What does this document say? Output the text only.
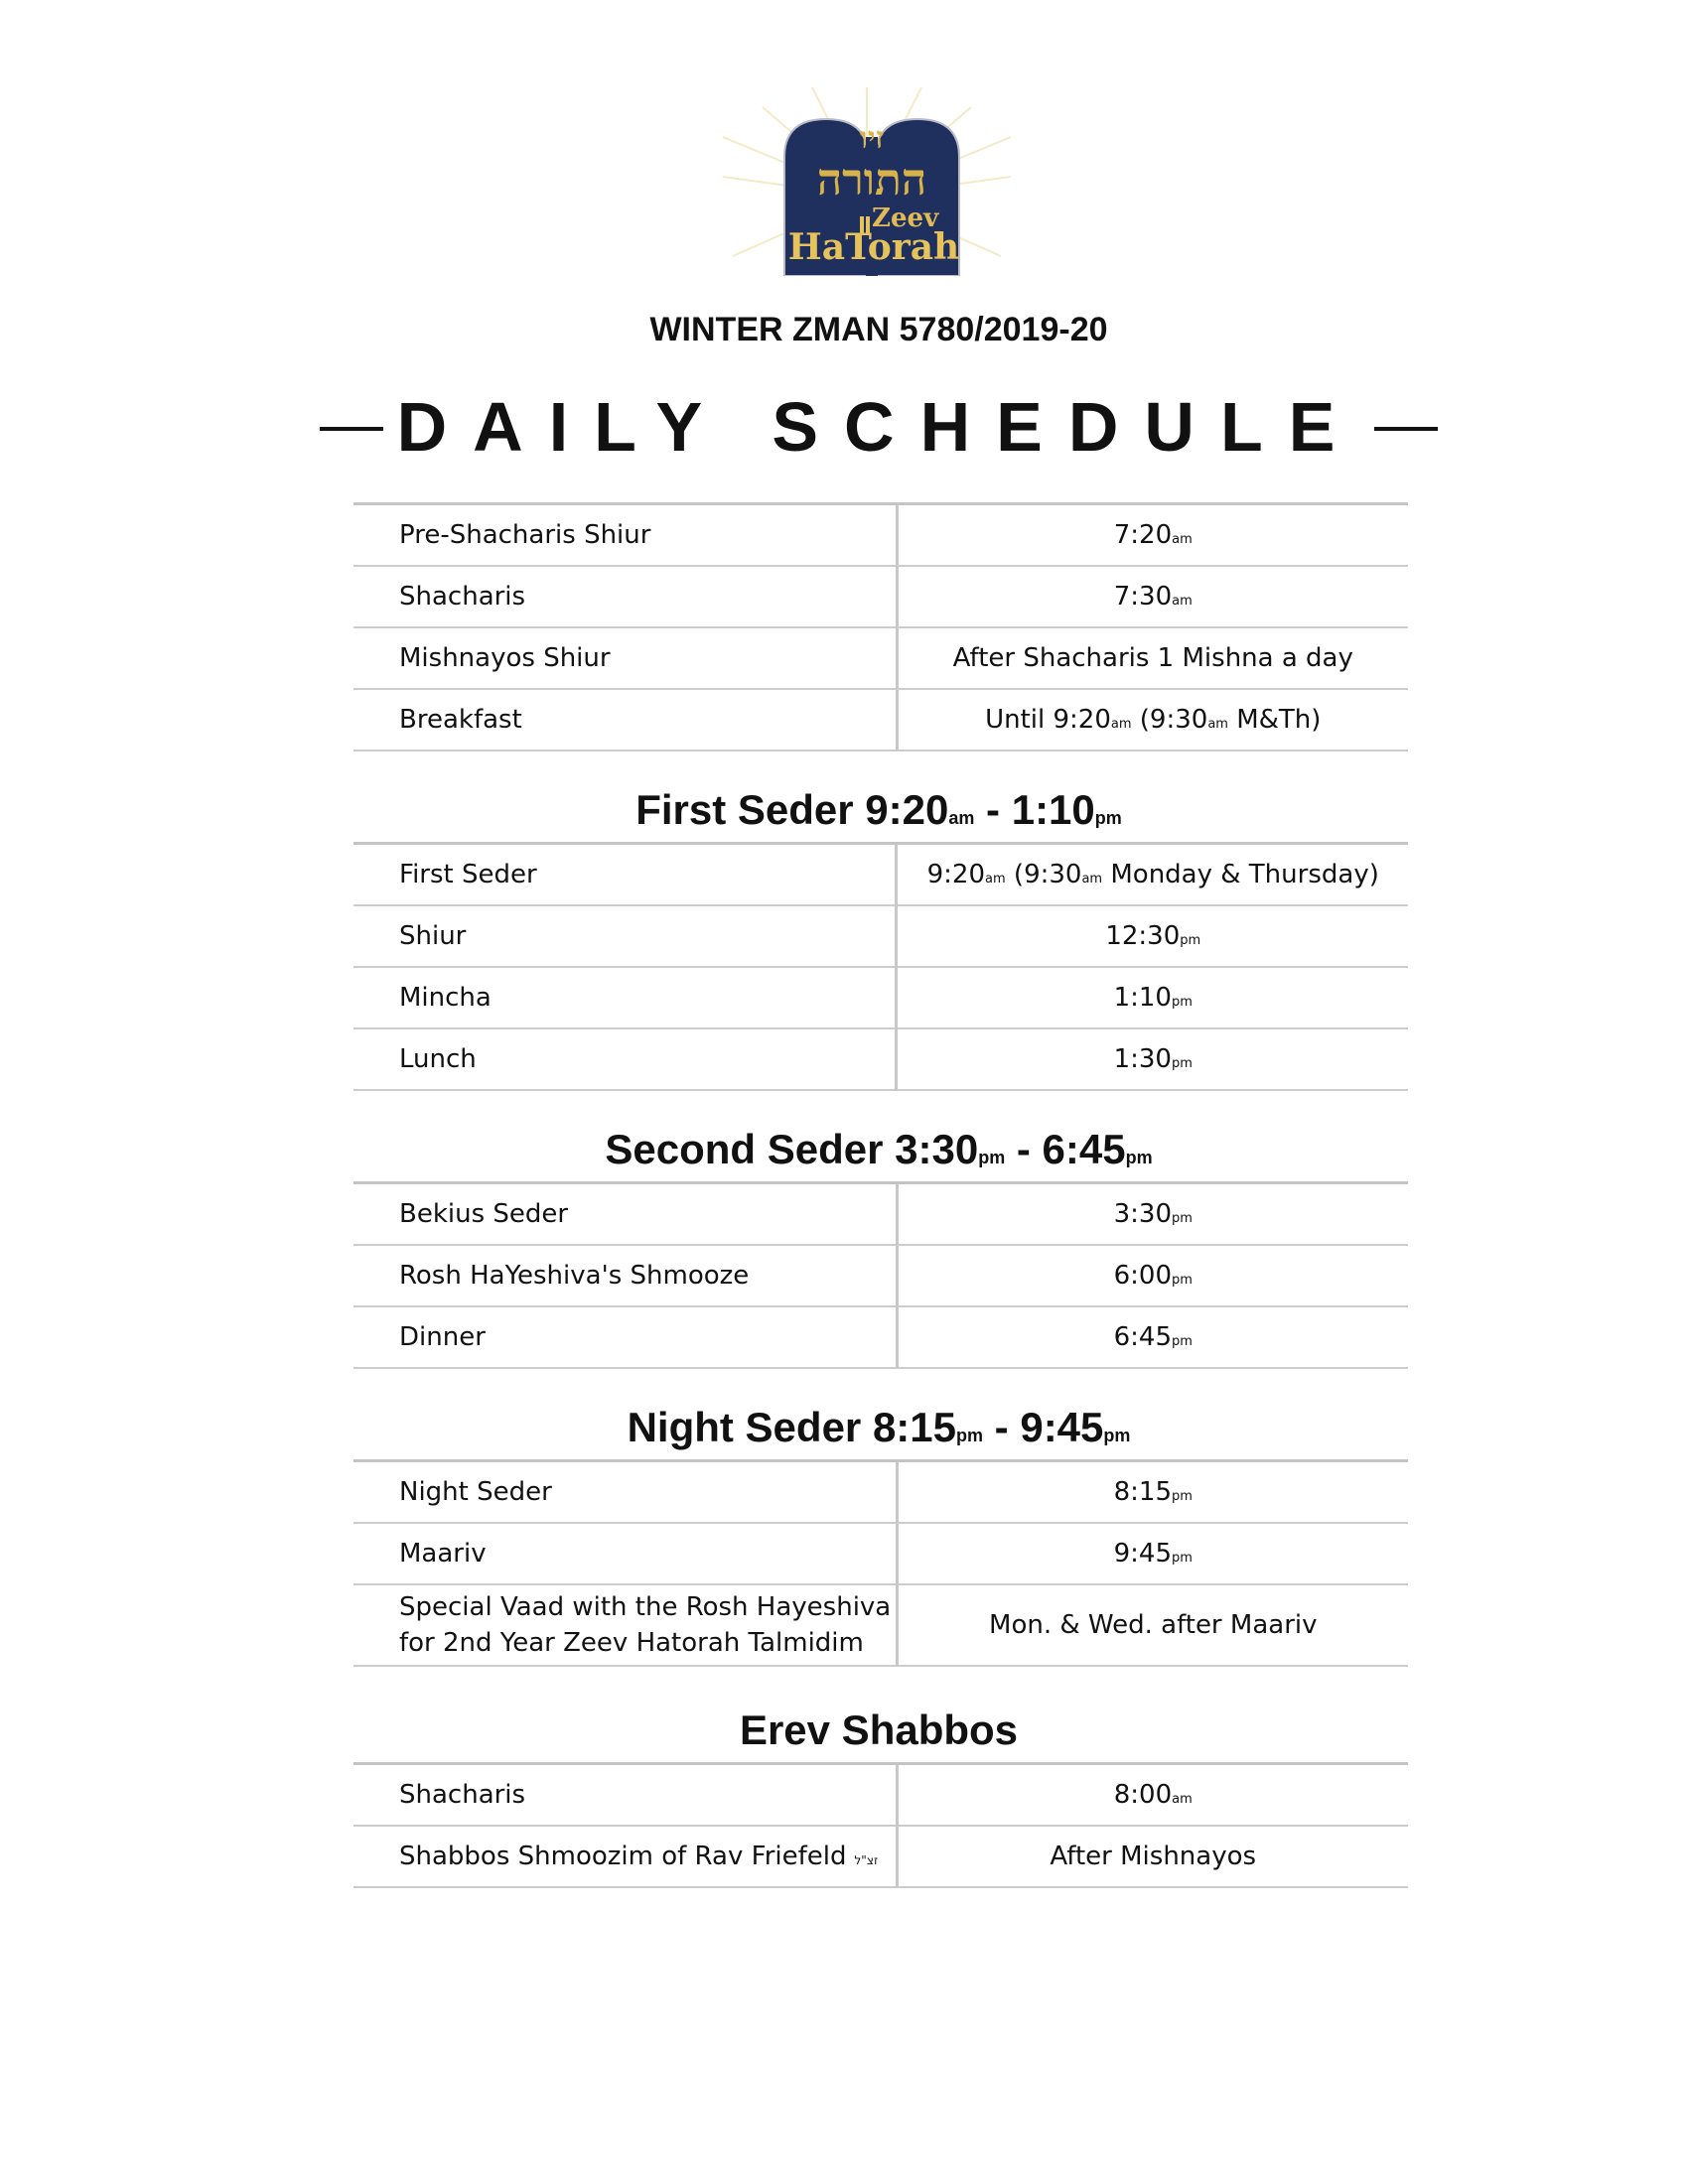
זיו
התורה
Zeev
HaTorah
WINTER ZMAN 5780/2019-20
DAILY SCHEDULE
Pre-Shacharis Shiur	7:20am
Shacharis	7:30am
Mishnayos Shiur	After Shacharis 1 Mishna a day
Breakfast	Until 9:20am (9:30am M&Th)
First Seder 9:20am - 1:10pm
First Seder	9:20am (9:30am Monday & Thursday)
Shiur	12:30pm
Mincha	1:10pm
Lunch	1:30pm
Second Seder 3:30pm - 6:45pm
Bekius Seder	3:30pm
Rosh HaYeshiva's Shmooze	6:00pm
Dinner	6:45pm
Night Seder 8:15pm - 9:45pm
Night Seder	8:15pm
Maariv	9:45pm
Special Vaad with the Rosh Hayeshiva
for 2nd Year Zeev Hatorah Talmidim	Mon. & Wed. after Maariv
Erev Shabbos
Shacharis	8:00am
Shabbos Shmoozim of Rav Friefeld זצ"ל	After Mishnayos
